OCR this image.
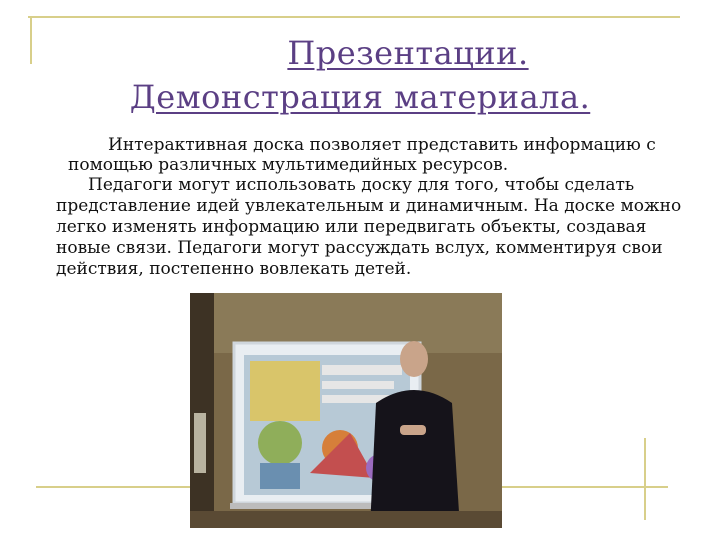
Презентации.
Демонстрация материала.

Интерактивная доска позволяет представить информацию с

помощью различных мультимедийных ресурсов.

Педагоги могут использовать доску для того, чтобы сделать представление идей увлекательным и динамичным. На доске можно легко изменять информацию или передвигать объекты, создавая новые связи. Педагоги могут рассуждать вслух, комментируя свои действия, постепенно вовлекать детей.
